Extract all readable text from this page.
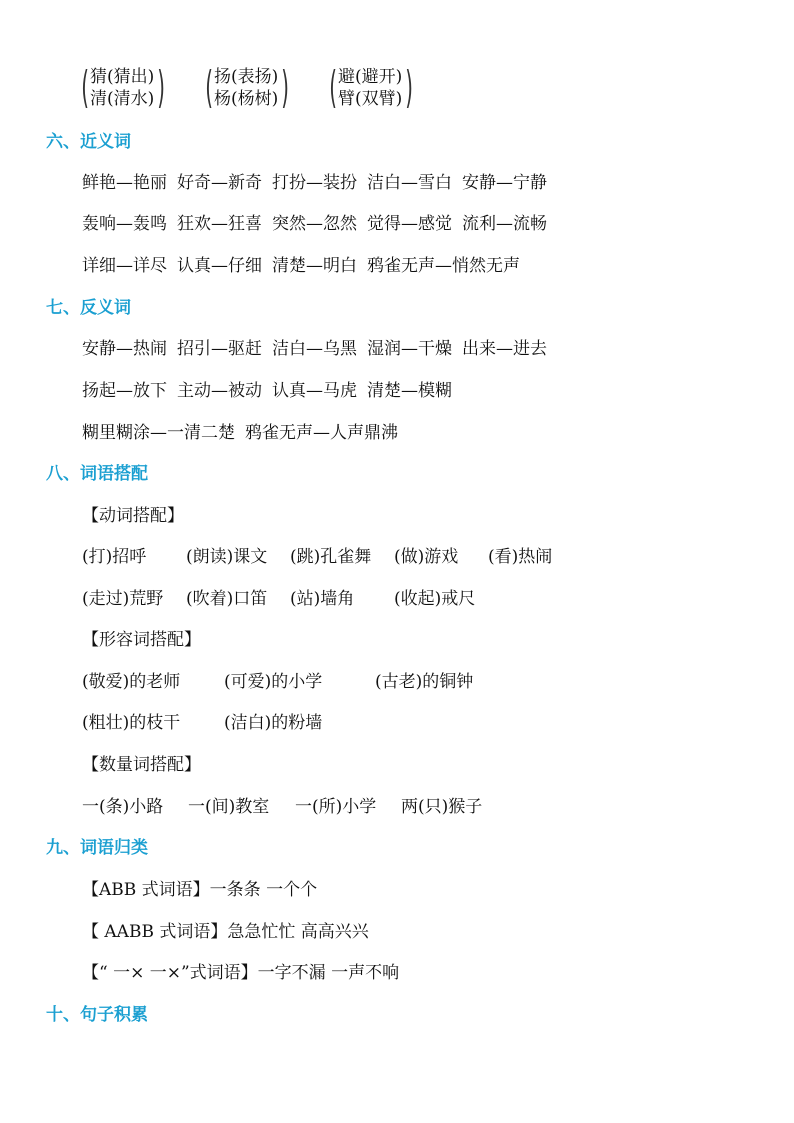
( 猜(猜出)
清(清水) ) ( 扬(表扬)
杨(杨树) ) ( 避(避开)
臂(双臂) )
六、近义词
鲜艳—艳丽 好奇—新奇 打扮—装扮 洁白—雪白 安静—宁静
轰响—轰鸣 狂欢—狂喜 突然—忽然 觉得—感觉 流利—流畅
详细—详尽 认真—仔细 清楚—明白 鸦雀无声—悄然无声
七、反义词
安静—热闹 招引—驱赶 洁白—乌黑 湿润—干燥 出来—进去
扬起—放下 主动—被动 认真—马虎 清楚—模糊
糊里糊涂—一清二楚 鸦雀无声—人声鼎沸
八、词语搭配
【动词搭配】
(打)招呼 (朗读)课文 (跳)孔雀舞 (做)游戏 (看)热闹
(走过)荒野 (吹着)口笛 (站)墙角 (收起)戒尺
【形容词搭配】
(敬爱)的老师	(可爱)的小学	(古老)的铜钟
(粗壮)的枝干	(洁白)的粉墙
【数量词搭配】
一(条)小路 一(间)教室 一(所)小学 两(只)猴子
九、词语归类
【ABB 式词语】一条条 一个个
【 AABB 式词语】急急忙忙 高高兴兴
【“ 一× 一×”式词语】一字不漏 一声不响
十、句子积累
